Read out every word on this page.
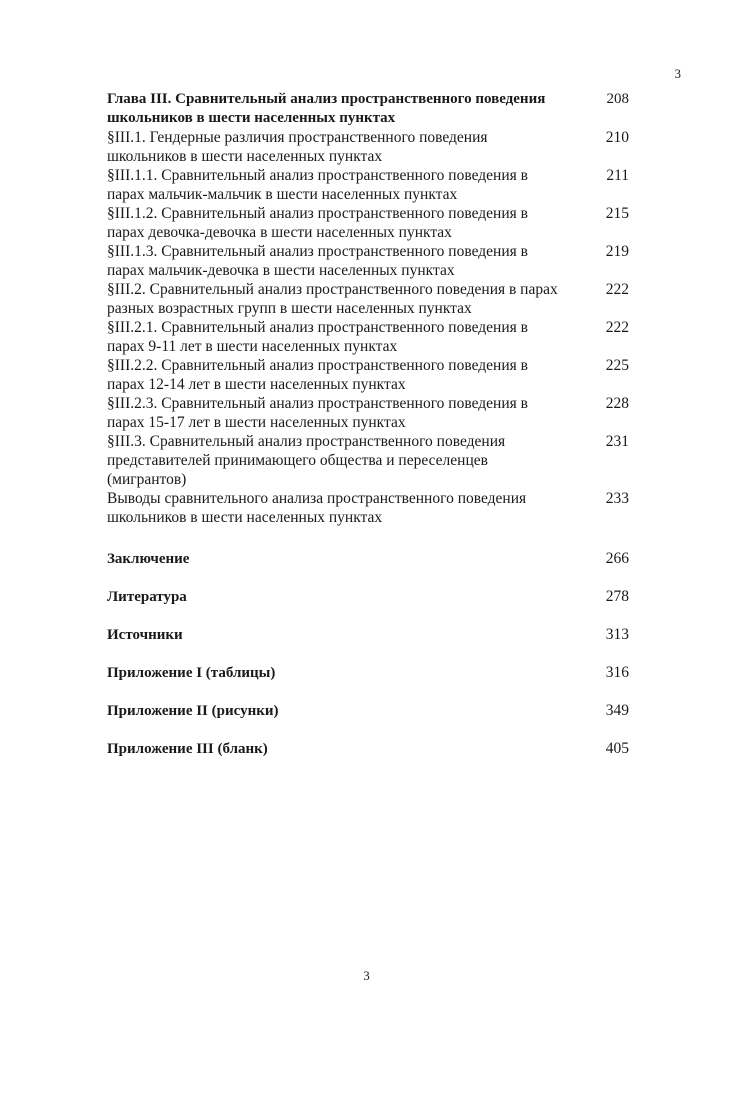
3
Глава III. Сравнительный анализ пространственного поведения школьников в шести населенных пунктах
208
§III.1. Гендерные различия пространственного поведения школьников в шести населенных пунктах
210
§III.1.1. Сравнительный анализ пространственного поведения в парах мальчик-мальчик в шести населенных пунктах
211
§III.1.2. Сравнительный анализ пространственного поведения в парах девочка-девочка в шести населенных пунктах
215
§III.1.3. Сравнительный анализ пространственного поведения в парах мальчик-девочка в шести населенных пунктах
219
§III.2. Сравнительный анализ пространственного поведения в парах разных возрастных групп в шести населенных пунктах
222
§III.2.1. Сравнительный анализ пространственного поведения в парах 9-11 лет в шести населенных пунктах
222
§III.2.2. Сравнительный анализ пространственного поведения в парах 12-14 лет в шести населенных пунктах
225
§III.2.3. Сравнительный анализ пространственного поведения в парах 15-17 лет в шести населенных пунктах
228
§III.3. Сравнительный анализ пространственного поведения представителей принимающего общества и переселенцев (мигрантов)
231
Выводы сравнительного анализа пространственного поведения школьников в шести населенных пунктах
233
Заключение	266
Литература	278
Источники	313
Приложение I (таблицы)	316
Приложение II (рисунки)	349
Приложение III (бланк)	405
3
